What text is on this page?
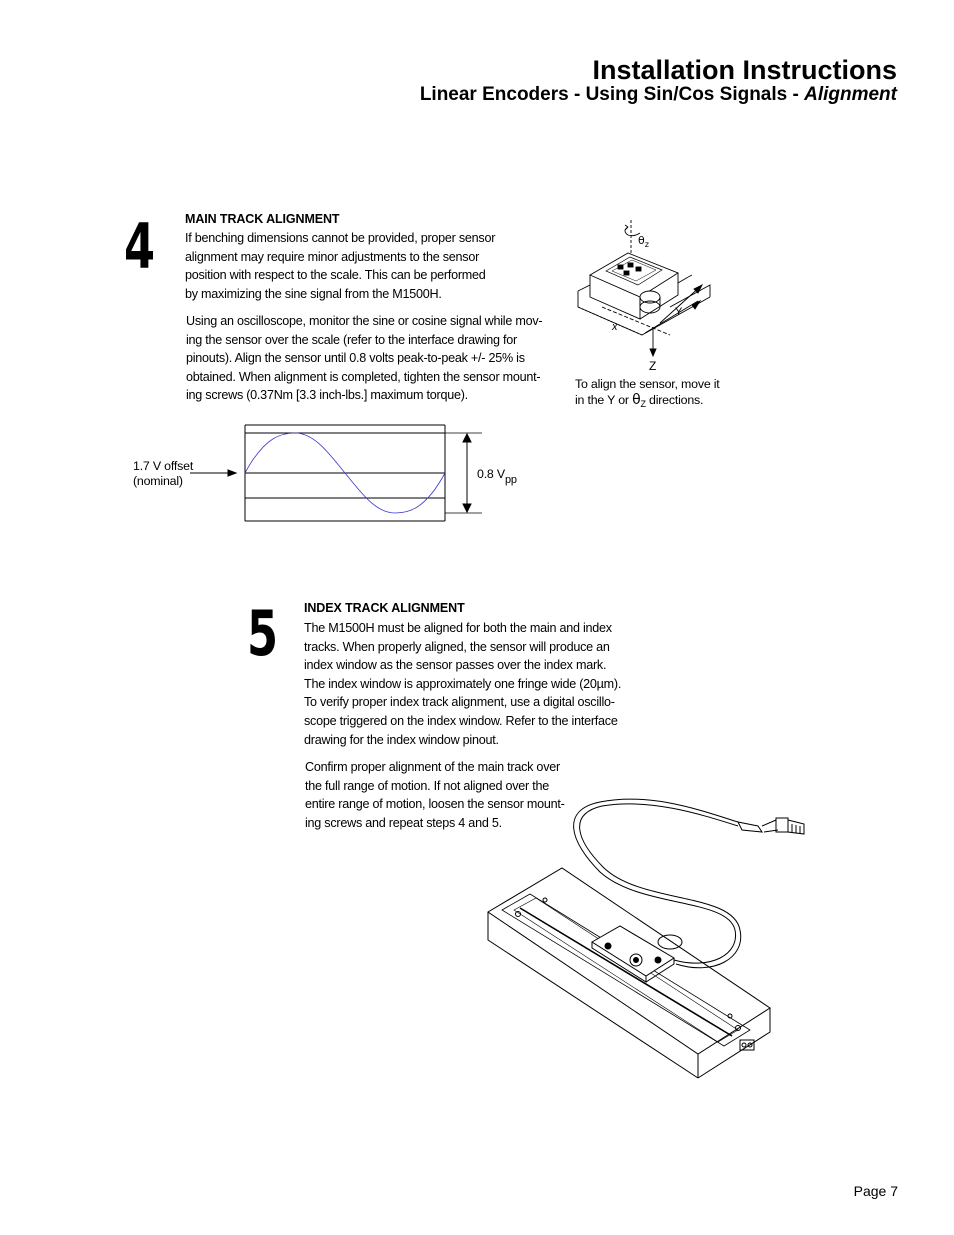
Installation Instructions
Linear Encoders - Using Sin/Cos Signals - Alignment
4 MAIN TRACK ALIGNMENT
If benching dimensions cannot be provided, proper sensor
alignment may require minor adjustments to the sensor
position with respect to the scale. This can be performed
by maximizing the sine signal from the M1500H.
Using an oscilloscope, monitor the sine or cosine signal while mov-
ing the sensor over the scale (refer to the interface drawing for
pinouts). Align the sensor until 0.8 volts peak-to-peak +/- 25% is
obtained. When alignment is completed, tighten the sensor mount-
ing screws (0.37Nm [3.3 inch-lbs.] maximum torque).
$\theta_z$
x
Y
Z
To align the sensor, move it
in the Y or $\theta_Z$ directions.
1.7 V offset
(nominal)	0.8 Vpp
5 INDEX TRACK ALIGNMENT
The M1500H must be aligned for both the main and index
tracks. When properly aligned, the sensor will produce an
index window as the sensor passes over the index mark.
The index window is approximately one fringe wide (20µm).
To verify proper index track alignment, use a digital oscillo-
scope triggered on the index window. Refer to the interface
drawing for the index window pinout.
Confirm proper alignment of the main track over
the full range of motion. If not aligned over the
entire range of motion, loosen the sensor mount-
ing screws and repeat steps 4 and 5.
Page 7
